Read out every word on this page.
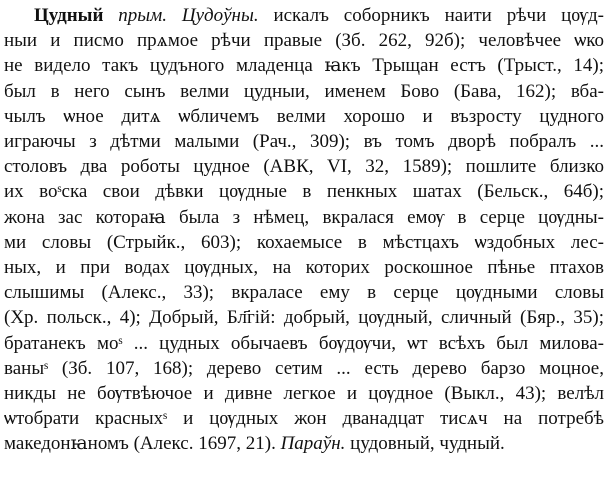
Цудный прым. Цудоўны. искалъ соборникъ наити рѣчи цѹд-
ныи и писмо прѧмое рѣчи правые (Зб. 262, 92б); человѣчее ѡко
не видело такъ цудъного младенца ꙗкъ Трыщан естъ (Трыст., 14);
был в него сынъ велми цудныи, именем Бово (Бава, 162); вба-
чылъ ѡное дитѧ ѡбличемъ велми хорошо и възросту цудного
играючы з дѣтми малыми (Рач., 309); въ томъ дворѣ побралъ ...
столовъ два роботы цудное (АВК, VI, 32, 1589); пошлите близко
их воˢска свои дѣвки цѹдные в пенкных шатах (Бельск., 64б);
жона зас котораꙗ была з нѣмец, вкралася емѹ в серце цѹдны-
ми словы (Стрыйк., 603); кохаемысе в мѣстцахъ ѡздобных лес-
ных, и при водах цѹдных, на которих роскошное пѣнье птахов
слышимы (Алекс., 33); вкраласе ему в серце цѹдными словы
(Хр. польск., 4); Добрый, Бл҃гій: добрый, цѹдный, сличный (Бяр., 35);
братанекъ моˢ ... цудных обычаевъ бѹдѹчи, ѡт всѣхъ был милова-
ваныˢ (Зб. 107, 168); дерево сетим ... есть дерево барзо моцное,
никды не бѹтвѣючое и дивне легкое и цѹдное (Выкл., 43); велѣл
ѡтобрати красныхˢ и цѹдных жон дванадцат тисѧч на потребѣ
македонꙗномъ (Алекс. 1697, 21). Параўн. цудовный, чудный.
